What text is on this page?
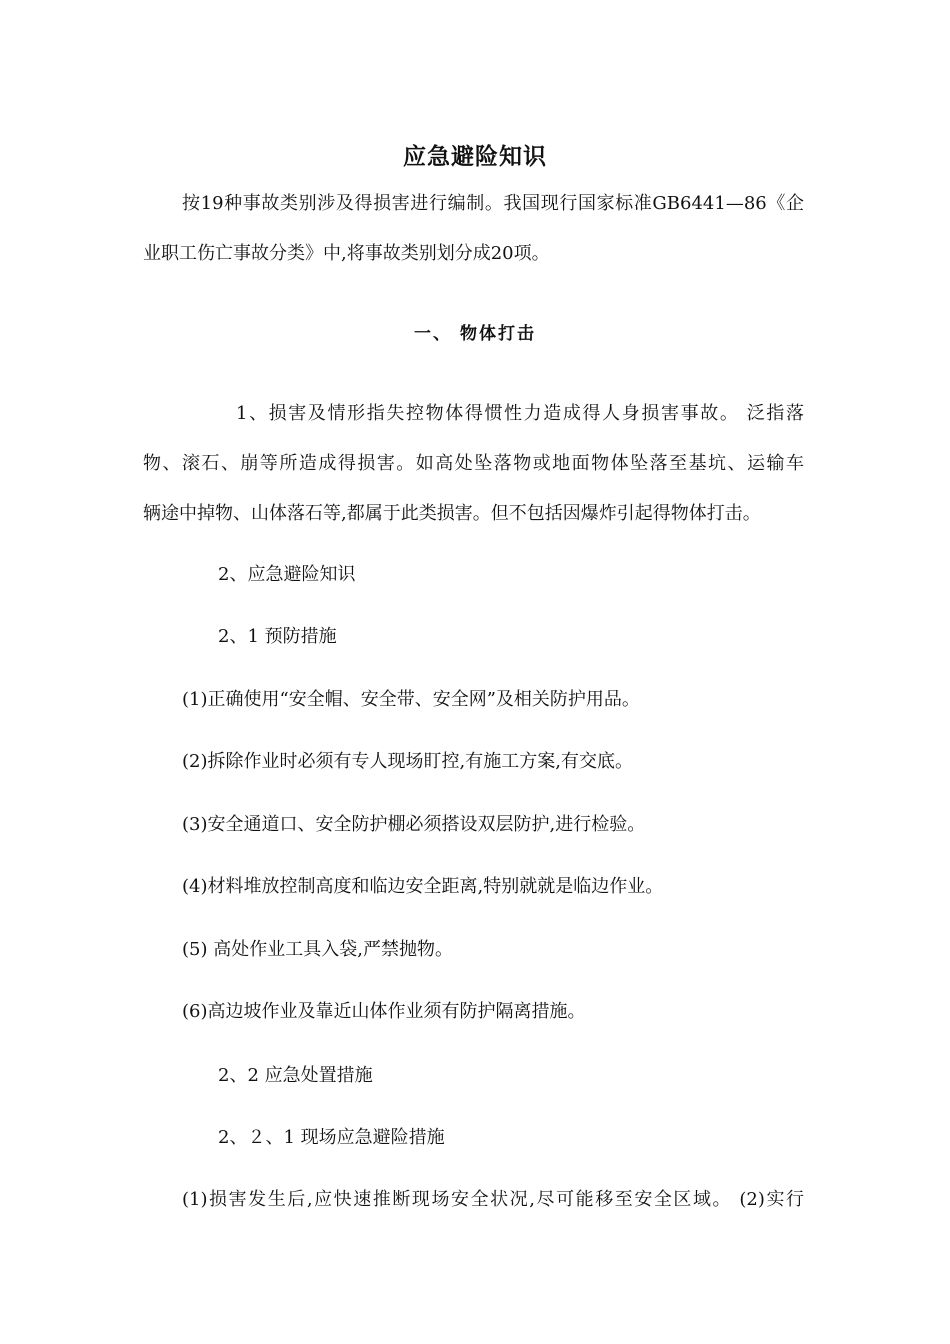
应急避险知识
按19种事故类别涉及得损害进行编制。我国现行国家标准GB6441—86《企
业职工伤亡事故分类》中,将事故类别划分成20项。
一、 物体打击
1、损害及情形指失控物体得惯性力造成得人身损害事故。 泛指落
物、滚石、崩等所造成得损害。如高处坠落物或地面物体坠落至基坑、运输车
辆途中掉物、山体落石等,都属于此类损害。但不包括因爆炸引起得物体打击。
2、应急避险知识
2、1 预防措施
(1)正确使用“安全帽、安全带、安全网”及相关防护用品。
(2)拆除作业时必须有专人现场盯控,有施工方案,有交底。
(3)安全通道口、安全防护棚必须搭设双层防护,进行检验。
(4)材料堆放控制高度和临边安全距离,特别就就是临边作业。
(5) 高处作业工具入袋,严禁抛物。
(6)高边坡作业及靠近山体作业须有防护隔离措施。
2、2 应急处置措施
2、２、1 现场应急避险措施
(1)损害发生后,应快速推断现场安全状况,尽可能移至安全区域。 (2)实行
